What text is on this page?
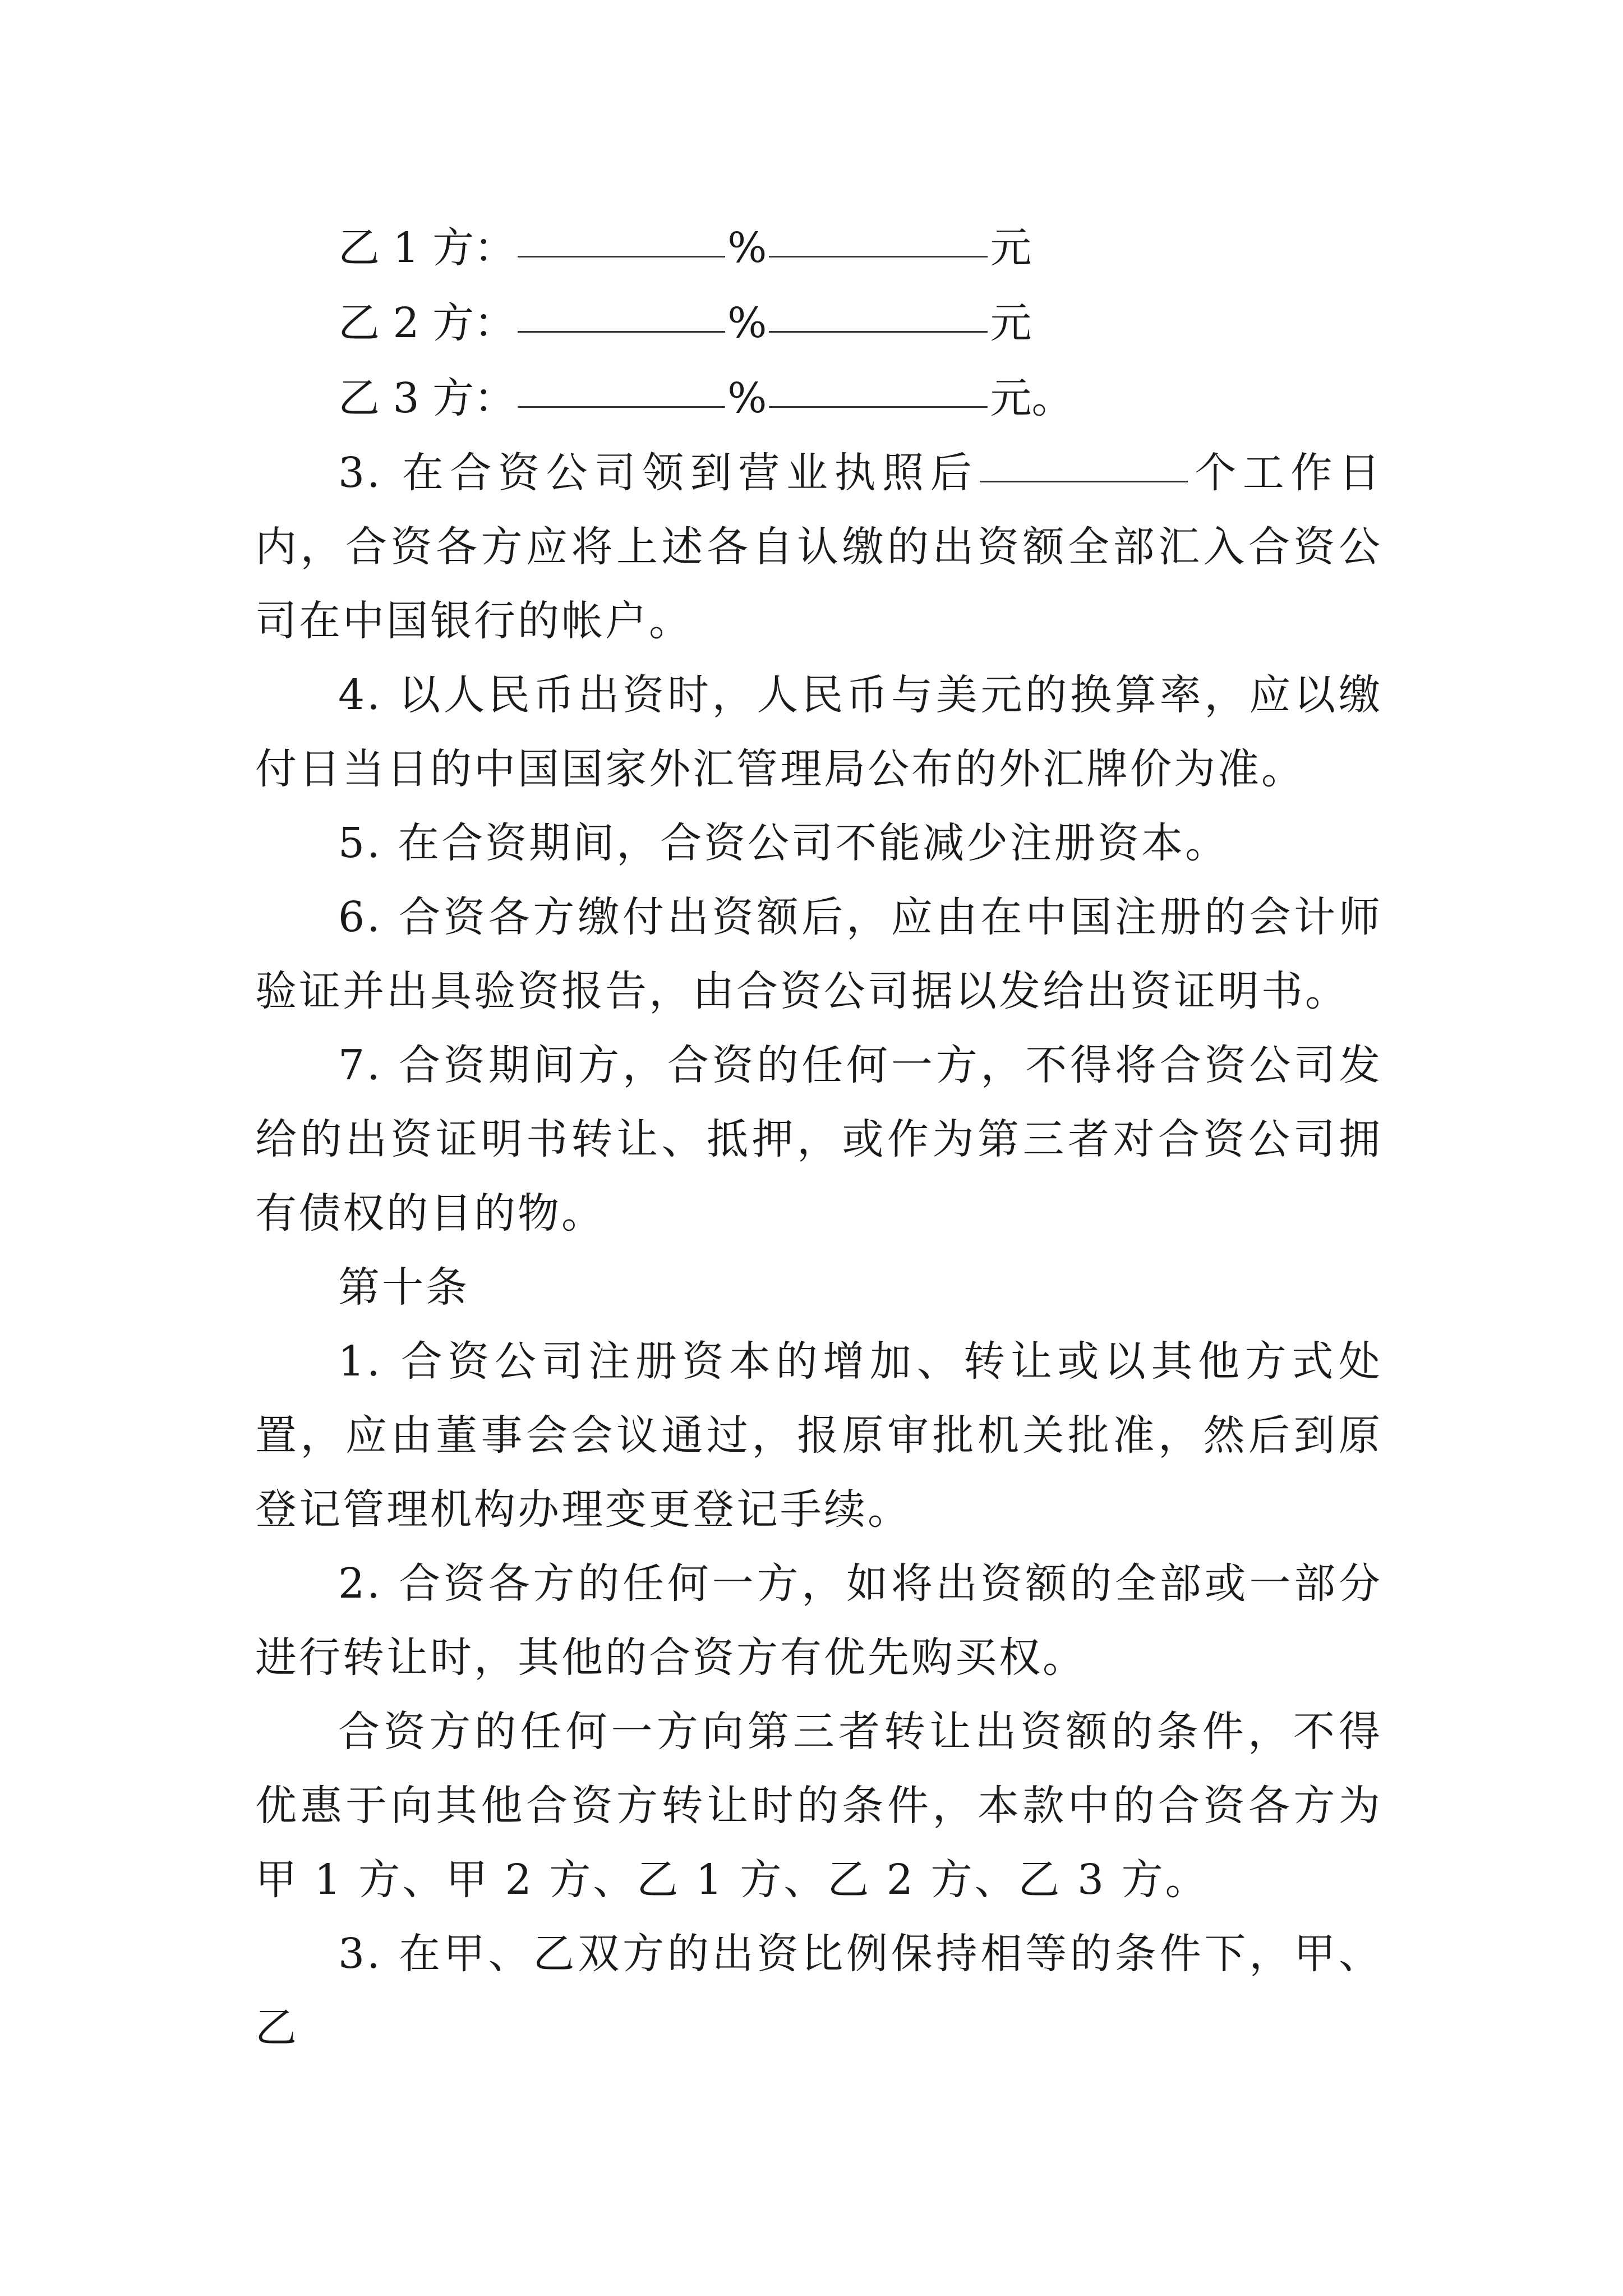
乙 1 方：	%	元
乙 2 方：	%	元
乙 3 方：	%	元。

3. 在合资公司领到营业执照后	个工作日内，合资各方应将上述各自认缴的出资额全部汇入合资公司在中国银行的帐户。

4. 以人民币出资时，人民币与美元的换算率，应以缴付日当日的中国国家外汇管理局公布的外汇牌价为准。

5. 在合资期间，合资公司不能减少注册资本。

6. 合资各方缴付出资额后，应由在中国注册的会计师验证并出具验资报告，由合资公司据以发给出资证明书。

7. 合资期间方，合资的任何一方，不得将合资公司发给的出资证明书转让、抵押，或作为第三者对合资公司拥有债权的目的物。

第十条

1. 合资公司注册资本的增加、转让或以其他方式处置，应由董事会会议通过，报原审批机关批准，然后到原登记管理机构办理变更登记手续。

2. 合资各方的任何一方，如将出资额的全部或一部分进行转让时，其他的合资方有优先购买权。

合资方的任何一方向第三者转让出资额的条件，不得优惠于向其他合资方转让时的条件，本款中的合资各方为甲 1 方、甲 2 方、乙 1 方、乙 2 方、乙 3 方。

3. 在甲、乙双方的出资比例保持相等的条件下，甲、乙
